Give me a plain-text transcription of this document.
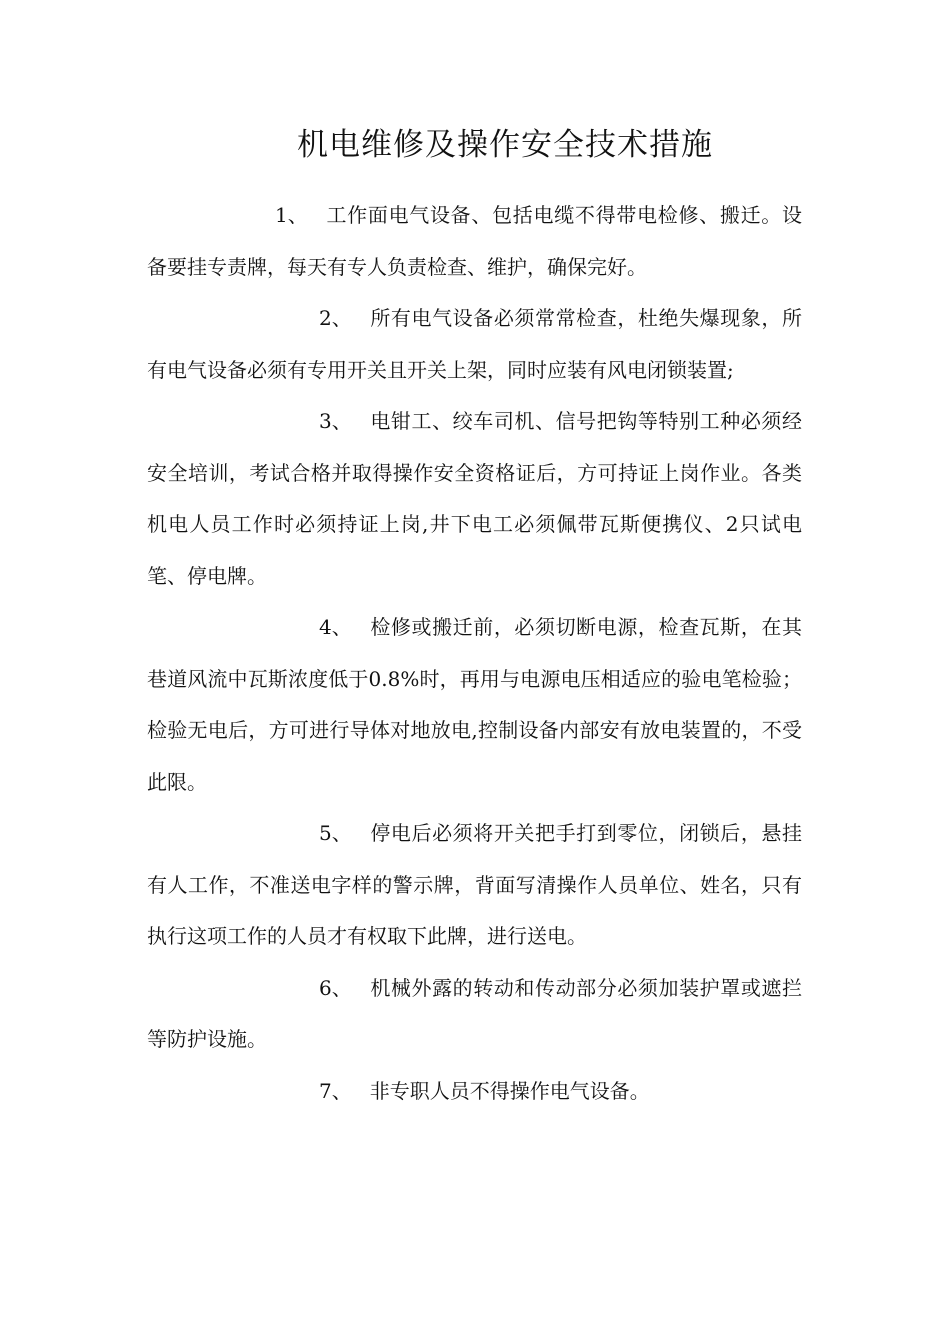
机电维修及操作安全技术措施

1、 工作面电气设备、包括电缆不得带电检修、搬迁。设备要挂专责牌，每天有专人负责检查、维护，确保完好。

2、 所有电气设备必须常常检查，杜绝失爆现象，所有电气设备必须有专用开关且开关上架，同时应装有风电闭锁装置;

3、 电钳工、绞车司机、信号把钩等特别工种必须经安全培训，考试合格并取得操作安全资格证后，方可持证上岗作业。各类机电人员工作时必须持证上岗,井下电工必须佩带瓦斯便携仪、2只试电笔、停电牌。

4、 检修或搬迁前，必须切断电源，检查瓦斯，在其巷道风流中瓦斯浓度低于0.8%时，再用与电源电压相适应的验电笔检验；检验无电后，方可进行导体对地放电,控制设备内部安有放电装置的，不受此限。

5、 停电后必须将开关把手打到零位，闭锁后，悬挂有人工作，不准送电字样的警示牌，背面写清操作人员单位、姓名，只有执行这项工作的人员才有权取下此牌，进行送电。

6、 机械外露的转动和传动部分必须加装护罩或遮拦等防护设施。

7、 非专职人员不得操作电气设备。
